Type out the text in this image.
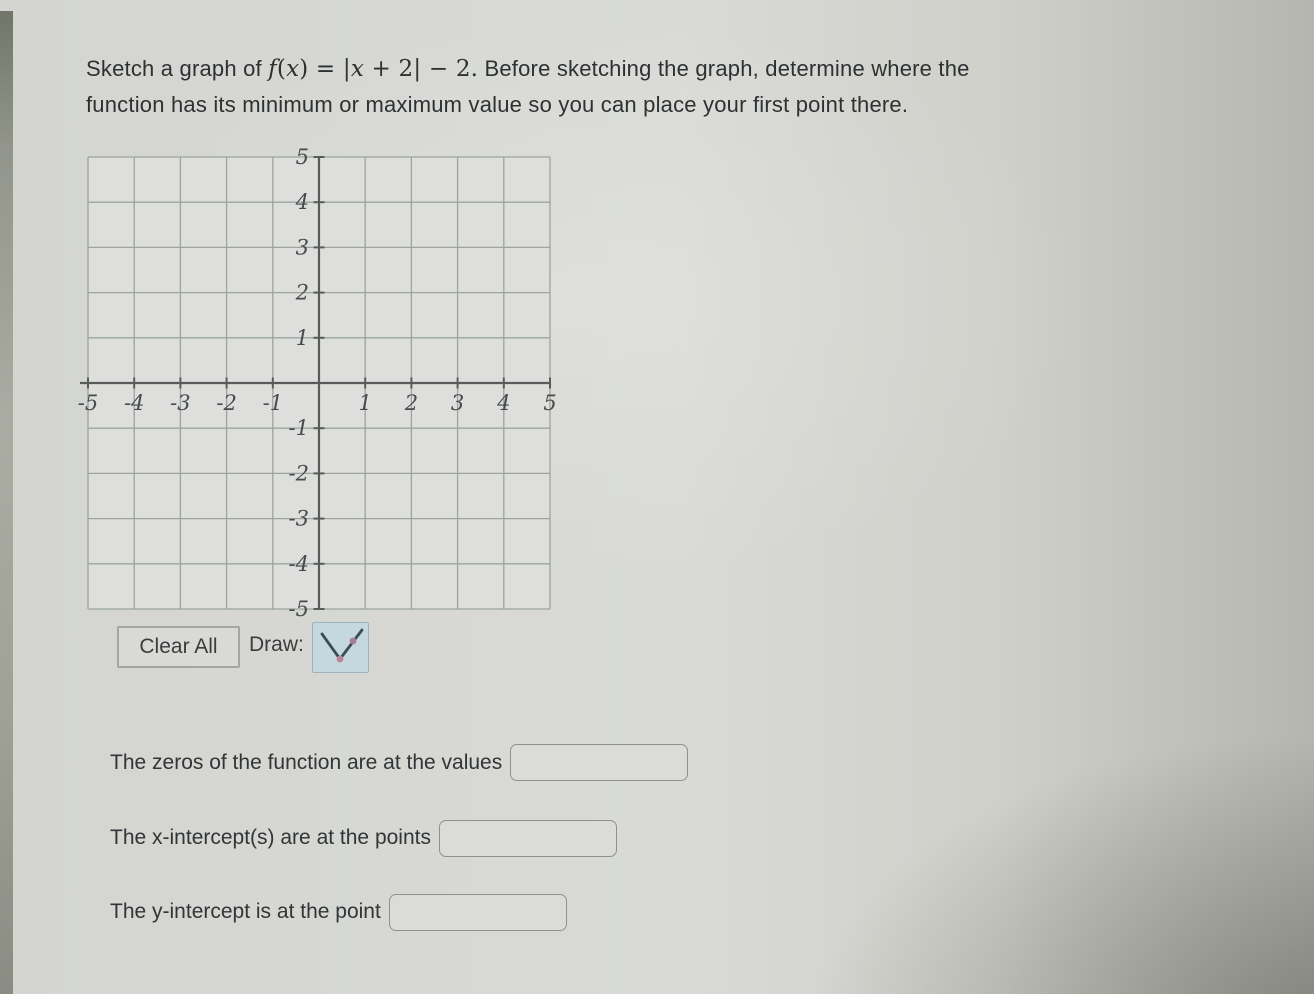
Sketch a graph of f(x) = |x + 2| − 2. Before sketching the graph, determine where the
function has its minimum or maximum value so you can place your first point there.
-5 -4 -3 -2 -1	1 2 3 4 5
5
4
3
2
1
-1
-2
-3
-4
-5
Clear All	Draw:
The zeros of the function are at the values
The x-intercept(s) are at the points
The y-intercept is at the point
